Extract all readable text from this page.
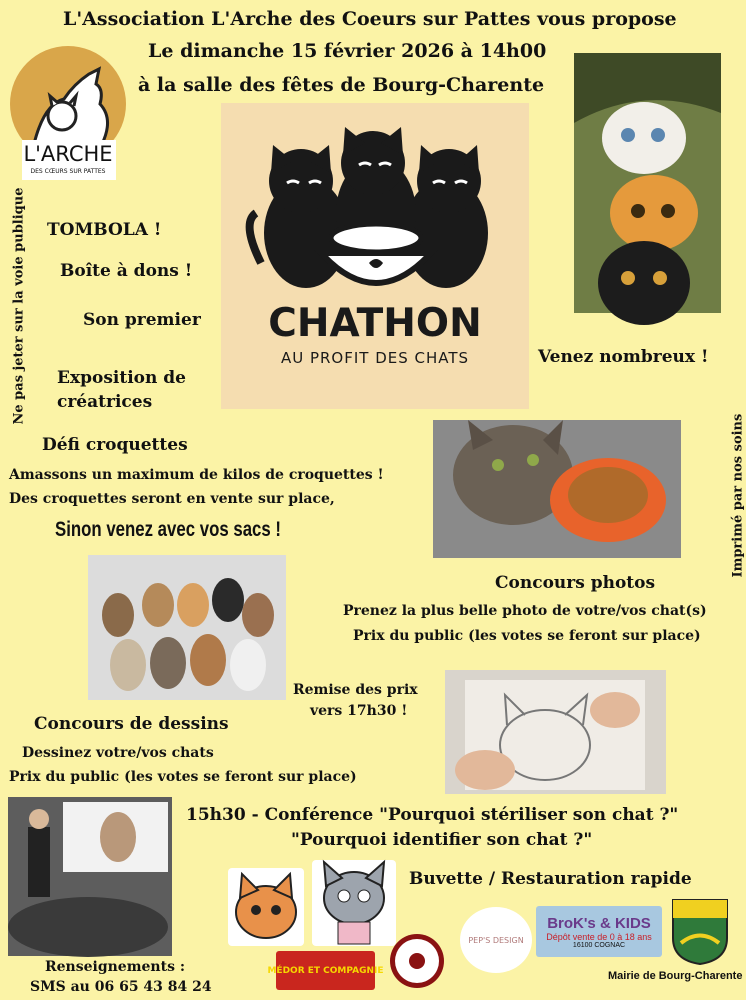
L'Association L'Arche des Coeurs sur Pattes vous propose
Le dimanche 15 février 2026 à 14h00
à la salle des fêtes de Bourg-Charente
L'ARCHE
DES CŒURS SUR PATTES
CHATHON
AU PROFIT DES CHATS
Ne pas jeter sur la voie publique
Imprimé par nos soins
TOMBOLA !
Boîte à dons !
Son premier
Exposition de
créatrices
Venez nombreux !
Défi croquettes
Amassons un maximum de kilos de croquettes !
Des croquettes seront en vente sur place,
Sinon venez avec vos sacs !
Concours photos
Prenez la plus belle photo de votre/vos chat(s)
Prix du public (les votes se feront sur place)
Remise des prix
vers 17h30 !
Concours de dessins
Dessinez votre/vos chats
Prix du public (les votes se feront sur place)
15h30 - Conférence "Pourquoi stériliser son chat ?"
"Pourquoi identifier son chat ?"
Buvette / Restauration rapide
MÉDOR ET COMPAGNIE
PEP'S DESIGN
BroK's & KIDS
Dépôt vente de 0 à 18 ans
16100 COGNAC
Mairie de Bourg-Charente
Renseignements :
SMS au 06 65 43 84 24
